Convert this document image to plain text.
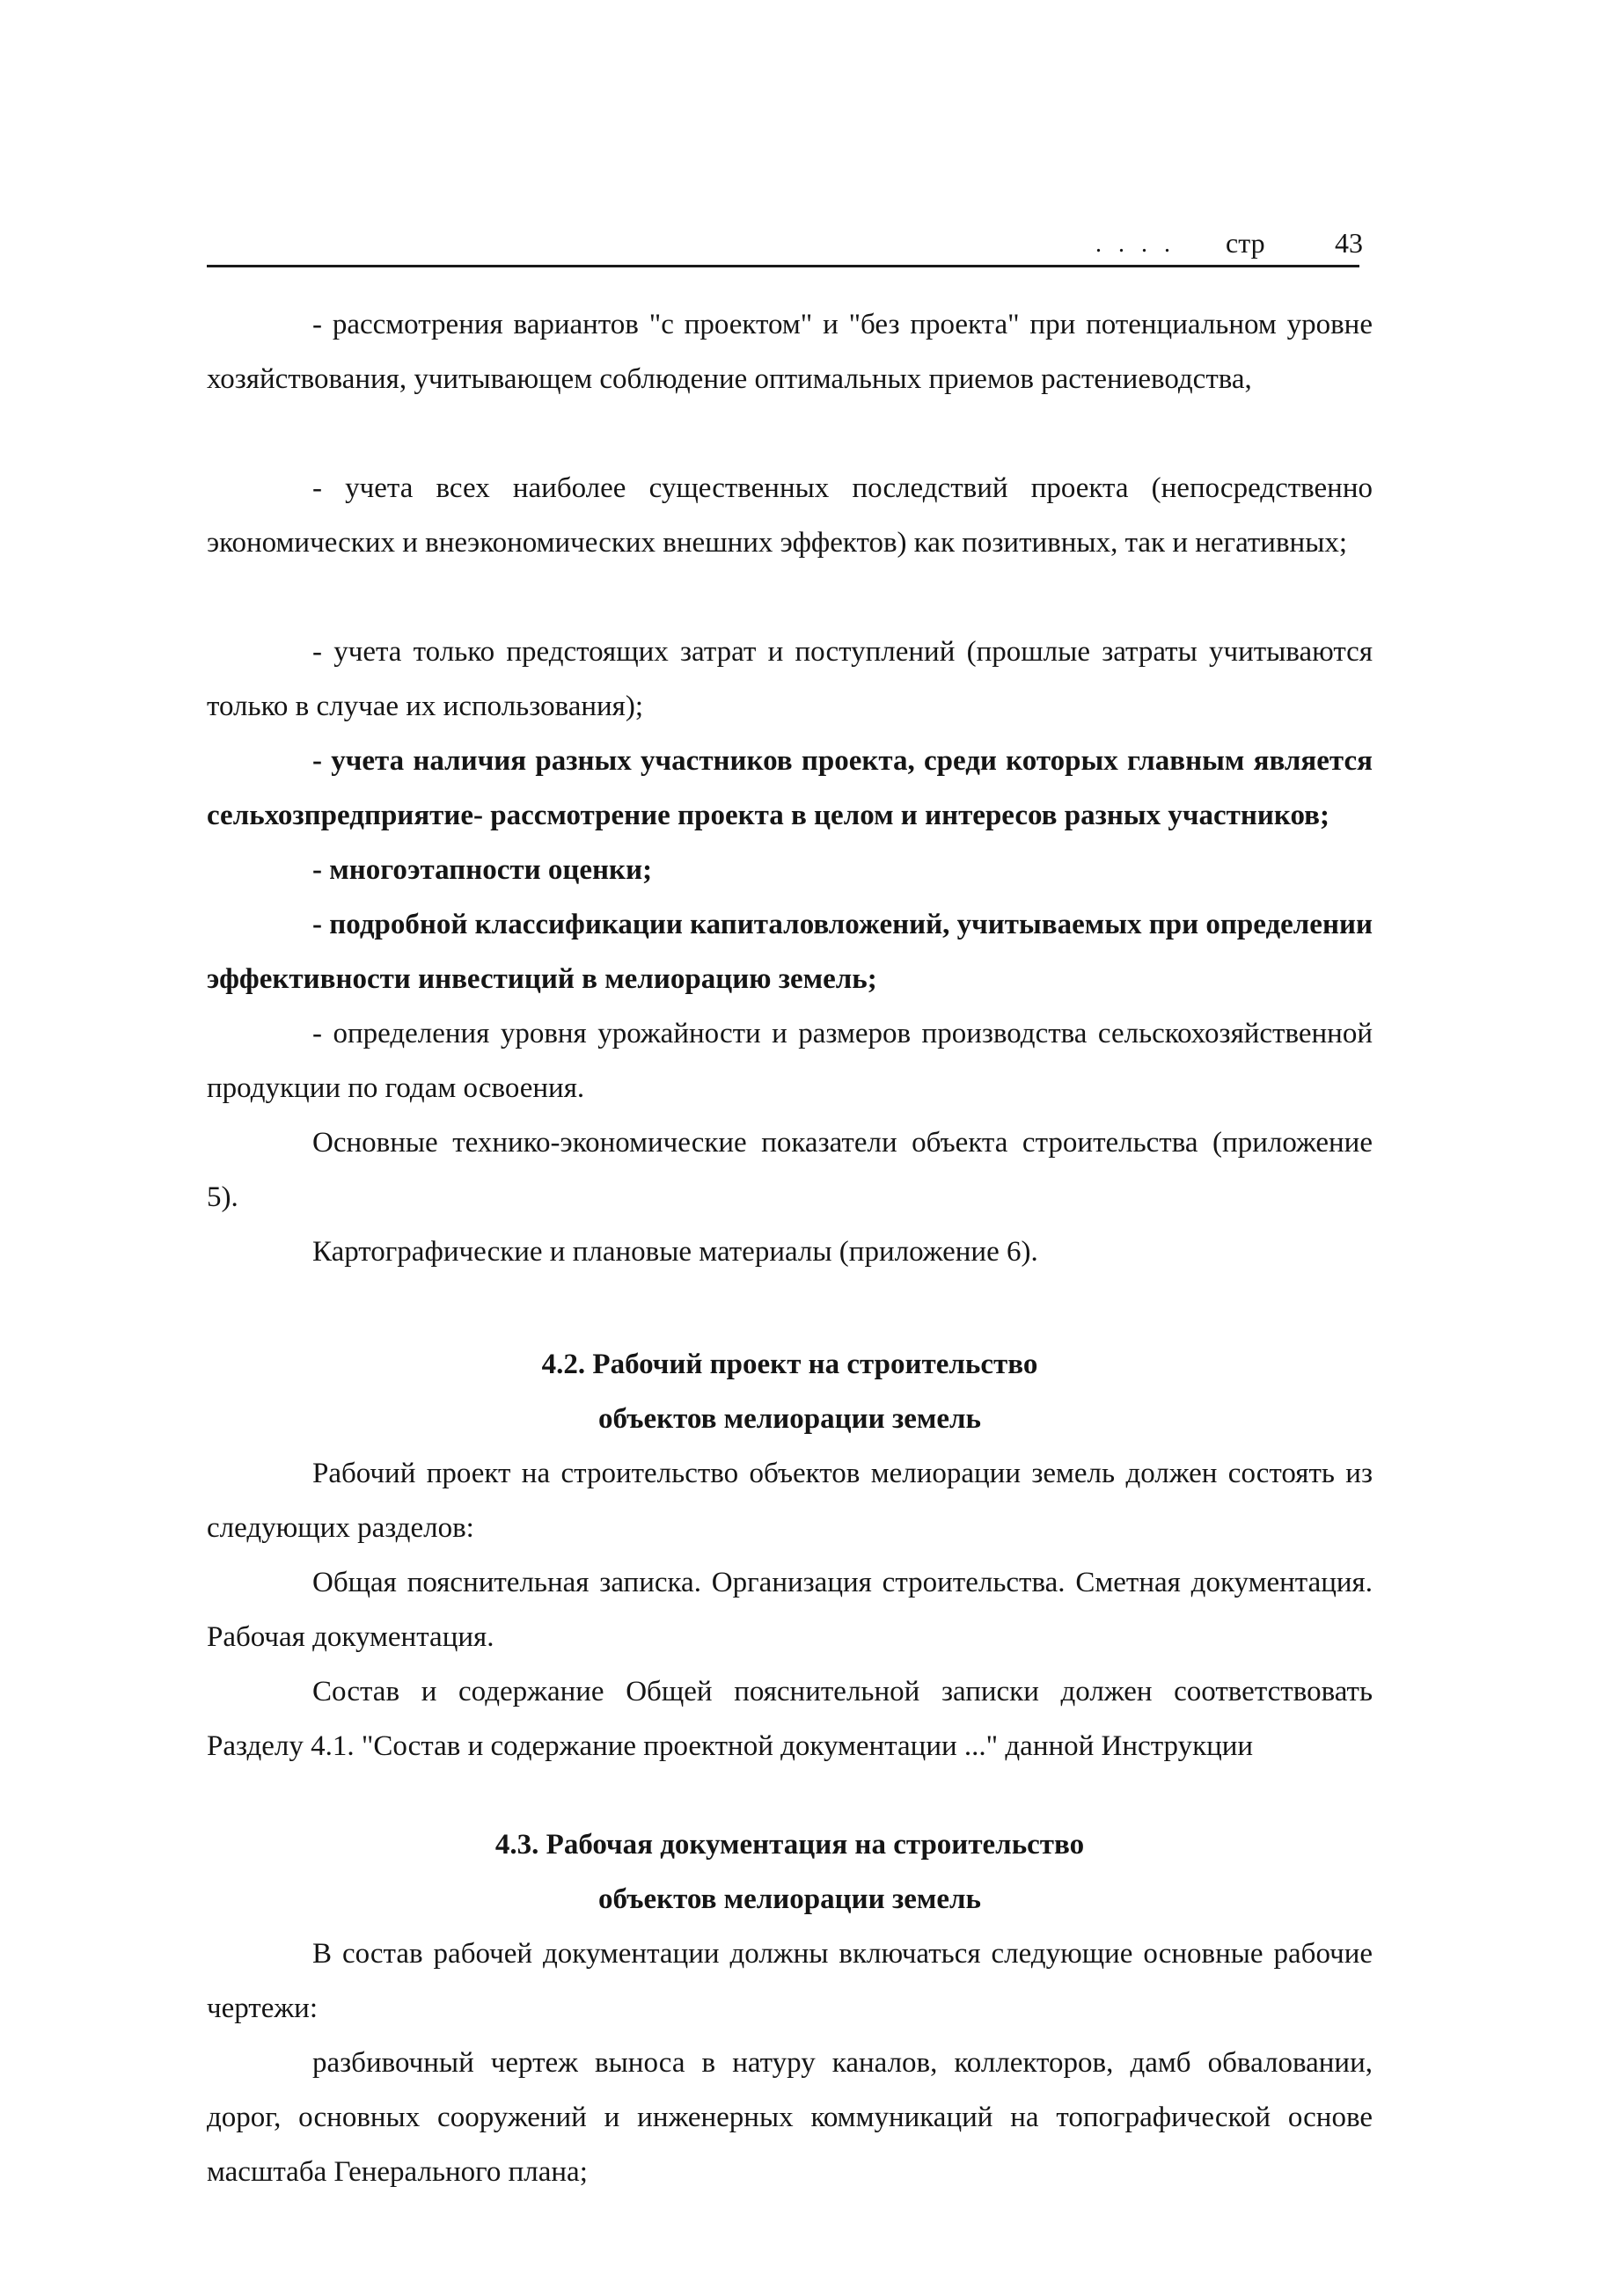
. . . . стр 43

- рассмотрения вариантов "с проектом" и "без проекта" при потенциальном уровне хозяйствования, учитывающем соблюдение оптимальных приемов растениеводства,

- учета всех наиболее существенных последствий проекта (непосредственно экономических и внеэкономических внешних эффектов) как позитивных, так и негативных;

- учета только предстоящих затрат и поступлений (прошлые затраты учитываются только в случае их использования);

- учета наличия разных участников проекта, среди которых главным является сельхозпредприятие- рассмотрение проекта в целом и интересов разных участников;

- многоэтапности оценки;

- подробной классификации капиталовложений, учитываемых при определении эффективности инвестиций в мелиорацию земель;

- определения уровня урожайности и размеров производства сельскохозяйственной продукции по годам освоения.

Основные технико-экономические показатели объекта строительства (приложение 5).

Картографические и плановые материалы (приложение 6).

4.2. Рабочий проект на строительство
объектов мелиорации земель

Рабочий проект на строительство объектов мелиорации земель должен состоять из следующих разделов:

Общая пояснительная записка. Организация строительства. Сметная документация. Рабочая документация.

Состав и содержание Общей пояснительной записки должен соответствовать Разделу 4.1. "Состав и содержание проектной документации ..." данной Инструкции

4.3. Рабочая документация на строительство
объектов мелиорации земель

В состав рабочей документации должны включаться следующие основные рабочие чертежи:

разбивочный чертеж выноса в натуру каналов, коллекторов, дамб обваловании, дорог, основных сооружений и инженерных коммуникаций на топографической основе масштаба Генерального плана;
